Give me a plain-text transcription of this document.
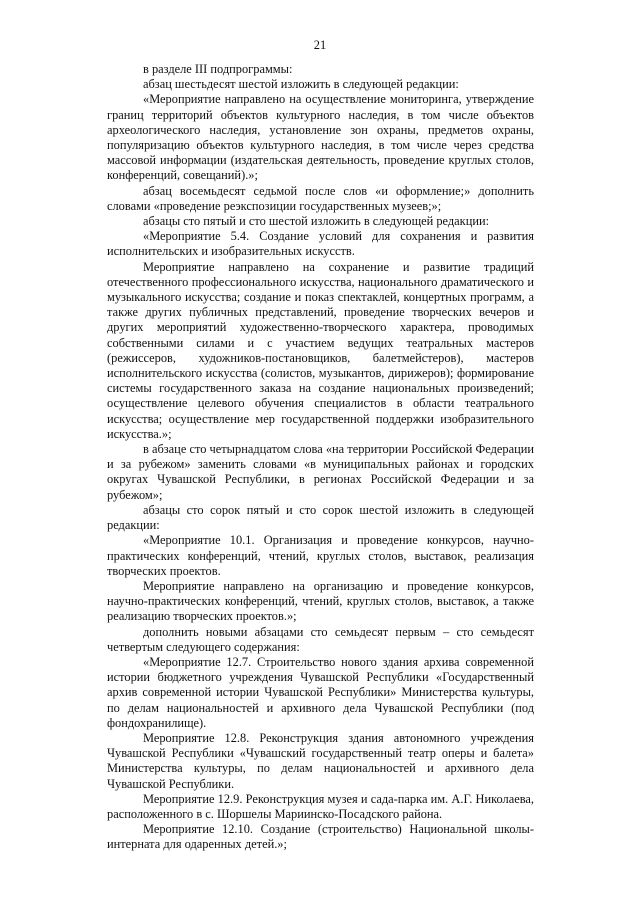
21

в разделе III подпрограммы:

абзац шестьдесят шестой изложить в следующей редакции:

«Мероприятие направлено на осуществление мониторинга, утверждение границ территорий объектов культурного наследия, в том числе объектов археологического наследия, установление зон охраны, предметов охраны, популяризацию объектов культурного наследия, в том числе через средства массовой информации (издательская деятельность, проведение круглых столов, конференций, совещаний).»;

абзац восемьдесят седьмой после слов «и оформление;» дополнить словами «проведение реэкспозиции государственных музеев;»;

абзацы сто пятый и сто шестой изложить в следующей редакции:

«Мероприятие 5.4. Создание условий для сохранения и развития исполнительских и изобразительных искусств.

Мероприятие направлено на сохранение и развитие традиций отечественного профессионального искусства, национального драматического и музыкального искусства; создание и показ спектаклей, концертных программ, а также других публичных представлений, проведение творческих вечеров и других мероприятий художественно-творческого характера, проводимых собственными силами и с участием ведущих театральных мастеров (режиссеров, художников-постановщиков, балетмейстеров), мастеров исполнительского искусства (солистов, музыкантов, дирижеров); формирование системы государственного заказа на создание национальных произведений; осуществление целевого обучения специалистов в области театрального искусства; осуществление мер государственной поддержки изобразительного искусства.»;

в абзаце сто четырнадцатом слова «на территории Российской Федерации и за рубежом» заменить словами «в муниципальных районах и городских округах Чувашской Республики, в регионах Российской Федерации и за рубежом»;

абзацы сто сорок пятый и сто сорок шестой изложить в следующей редакции:

«Мероприятие 10.1. Организация и проведение конкурсов, научно-практических конференций, чтений, круглых столов, выставок, реализация творческих проектов.

Мероприятие направлено на организацию и проведение конкурсов, научно-практических конференций, чтений, круглых столов, выставок, а также реализацию творческих проектов.»;

дополнить новыми абзацами сто семьдесят первым – сто семьдесят четвертым следующего содержания:

«Мероприятие 12.7. Строительство нового здания архива современной истории бюджетного учреждения Чувашской Республики «Государственный архив современной истории Чувашской Республики» Министерства культуры, по делам национальностей и архивного дела Чувашской Республики (под фондохранилище).

Мероприятие 12.8. Реконструкция здания автономного учреждения Чувашской Республики «Чувашский государственный театр оперы и балета» Министерства культуры, по делам национальностей и архивного дела Чувашской Республики.

Мероприятие 12.9. Реконструкция музея и сада-парка им. А.Г. Николаева, расположенного в с. Шоршелы Мариинско-Посадского района.

Мероприятие 12.10. Создание (строительство) Национальной школы-интерната для одаренных детей.»;
